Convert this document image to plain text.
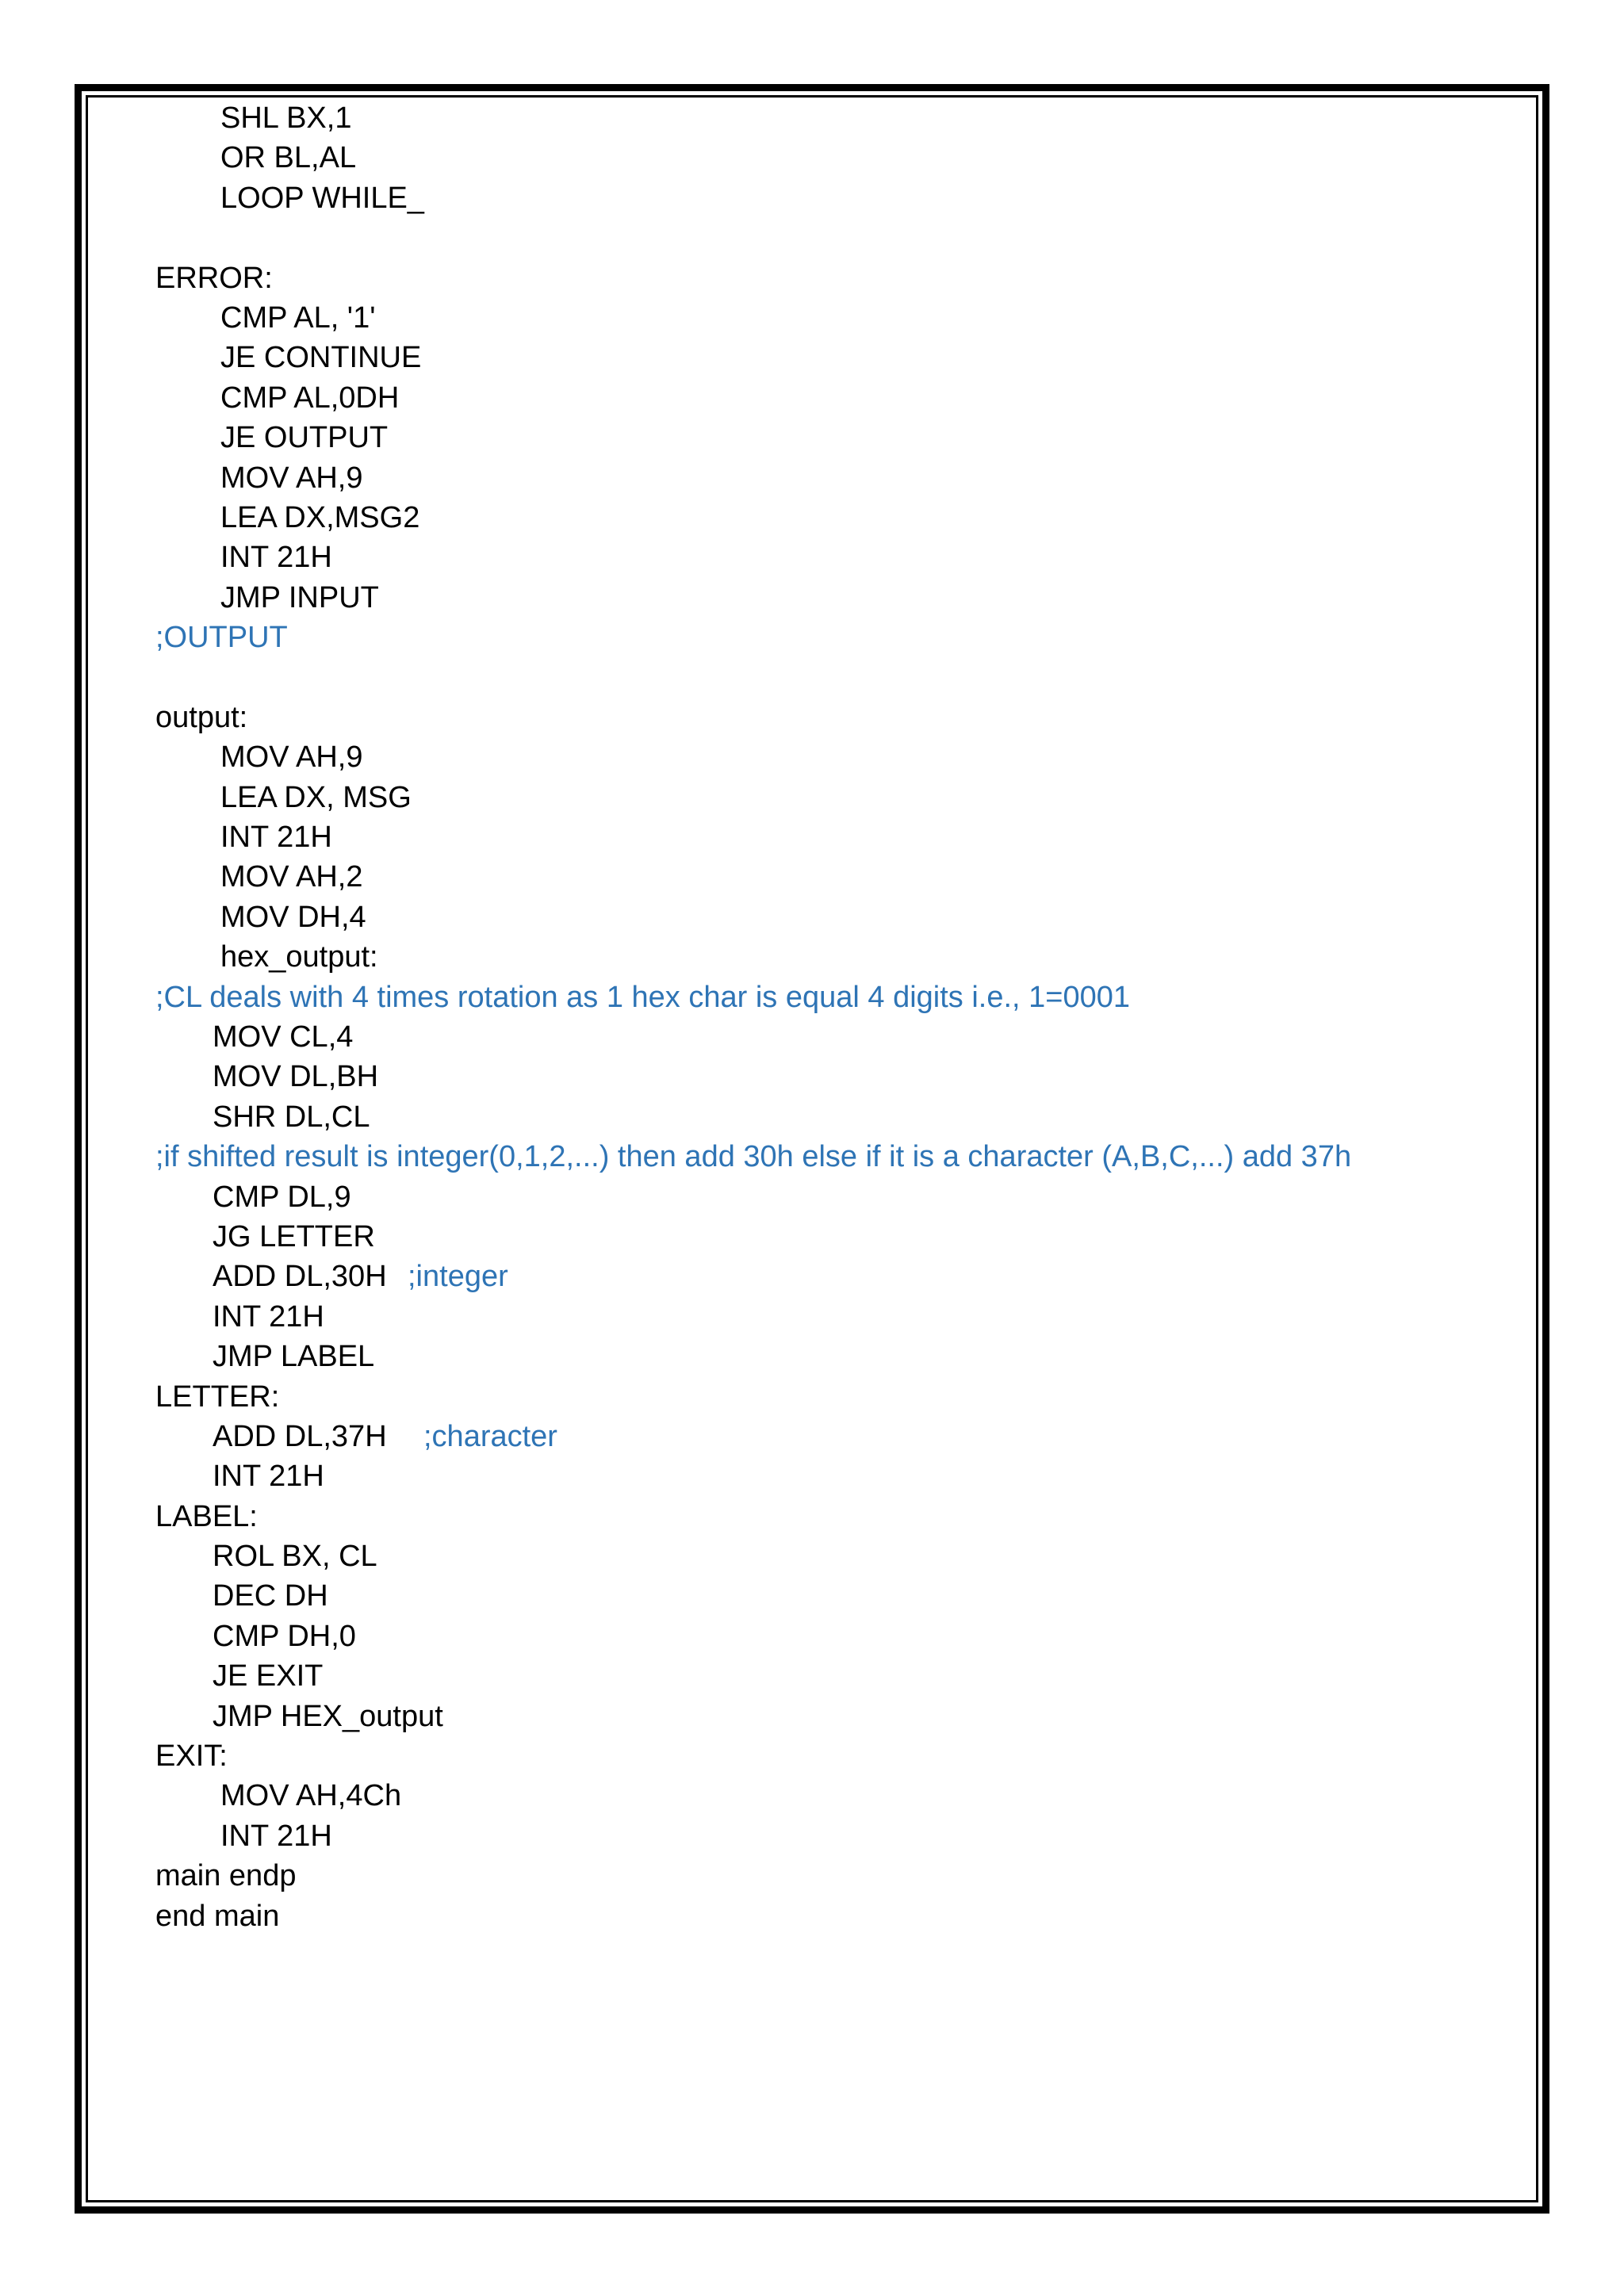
SHL BX,1
OR BL,AL
LOOP WHILE_
ERROR:
CMP AL, '1'
JE CONTINUE
CMP AL,0DH
JE OUTPUT
MOV AH,9
LEA DX,MSG2
INT 21H
JMP INPUT
;OUTPUT
output:
MOV AH,9
LEA DX, MSG
INT 21H
MOV AH,2
MOV DH,4
hex_output:
;CL deals with 4 times rotation as 1 hex char is equal 4 digits i.e., 1=0001
MOV CL,4
MOV DL,BH
SHR DL,CL
;if shifted result is integer(0,1,2,...) then add 30h else if it is a character (A,B,C,...) add 37h
CMP DL,9
JG LETTER
ADD DL,30H ;integer
INT 21H
JMP LABEL
LETTER:
ADD DL,37H ;character
INT 21H
LABEL:
ROL BX, CL
DEC DH
CMP DH,0
JE EXIT
JMP HEX_output
EXIT:
MOV AH,4Ch
INT 21H
main endp
end main
